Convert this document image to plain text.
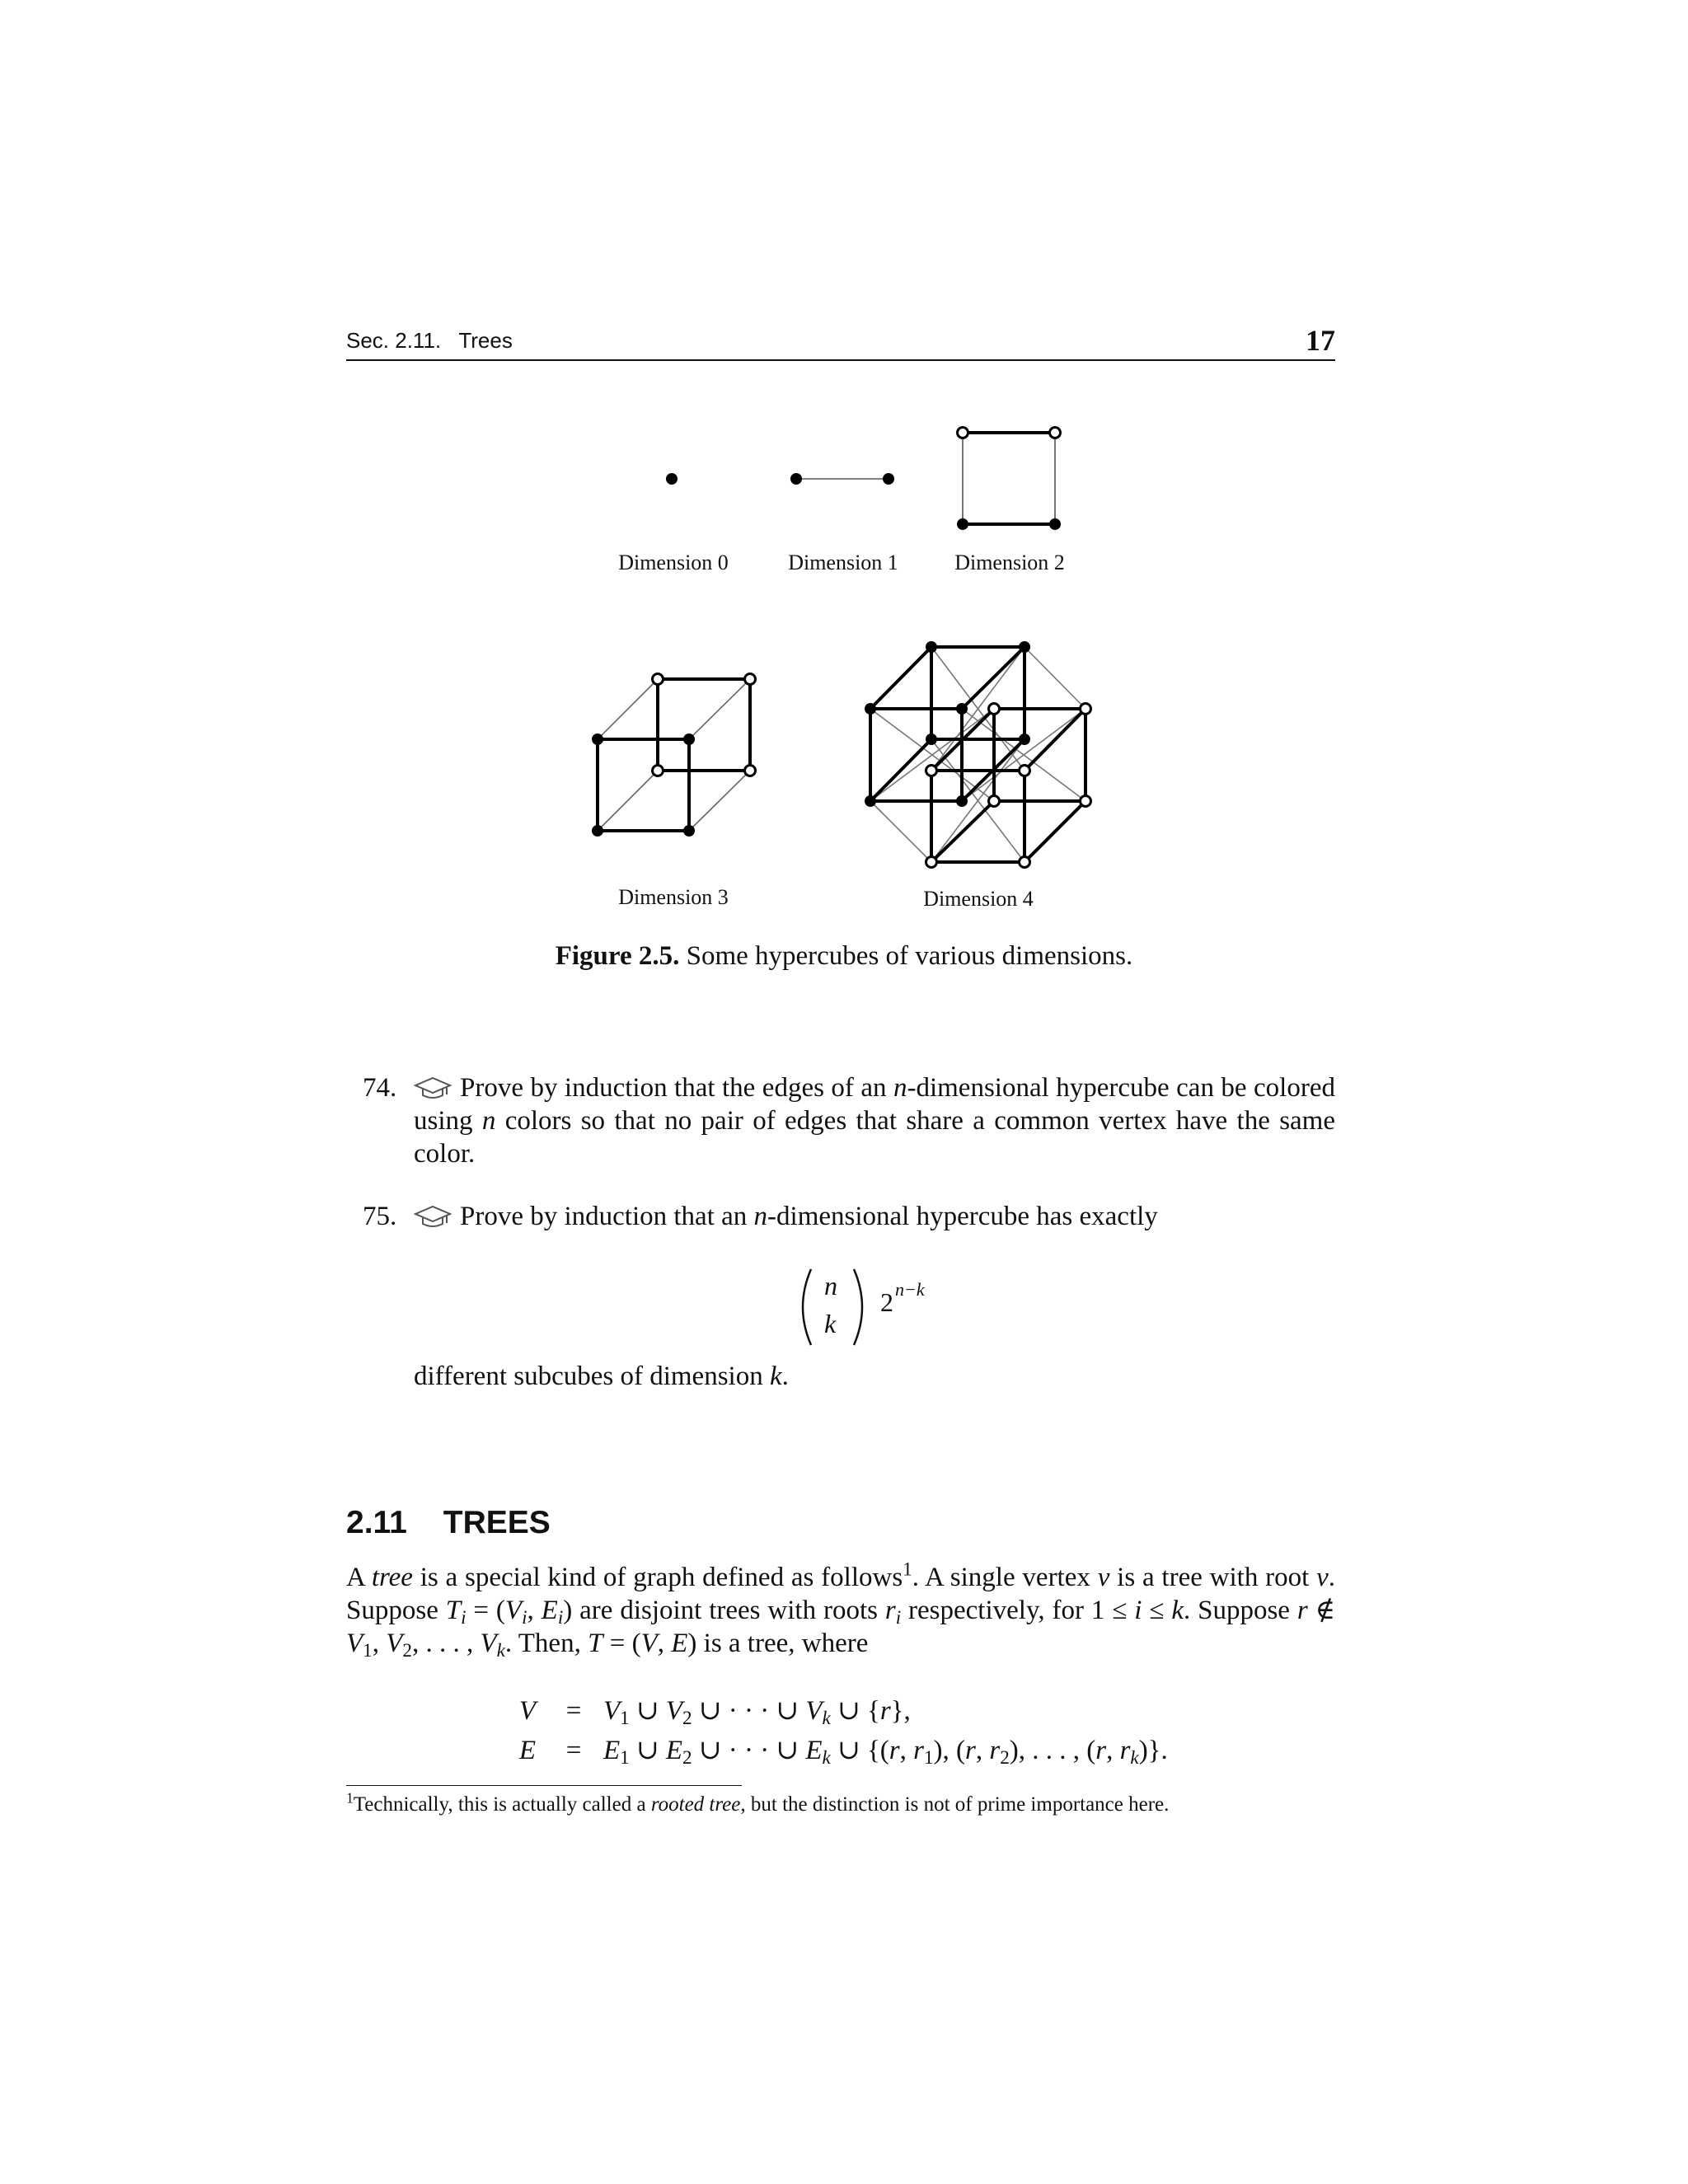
Sec. 2.11.   Trees	17
Dimension 0	Dimension 1	Dimension 2
Dimension 3	Dimension 4
Figure 2.5. Some hypercubes of various dimensions.
74.	Prove by induction that the edges of an n-dimensional hypercube can be colored using n colors so that no pair of edges that share a common vertex have the same color.
75.	Prove by induction that an n-dimensional hypercube has exactly
n
k
2 n−k
different subcubes of dimension k.
2.11 TREES
A tree is a special kind of graph defined as follows$^1$. A single vertex v is a tree with root v. Suppose $T_i = (V_i$, $E_i$) are disjoint trees with roots $r_i$ respectively, for 1 ≤ i ≤ k. Suppose r ∉ $V_1$, $V_2$, . . . , $V_k$. Then, T = (V, E) is a tree, where
V	= $V_1$ ∪ $V_2$ ∪ · · · ∪ $V_k$ ∪ {r},
E	= $E_1$ ∪ $E_2$ ∪ · · · ∪ $E_k$ ∪ {(r, $r_1$), (r, $r_2$), . . . , (r, $r_k$)}.
$^1$Technically, this is actually called a rooted tree, but the distinction is not of prime importance here.
